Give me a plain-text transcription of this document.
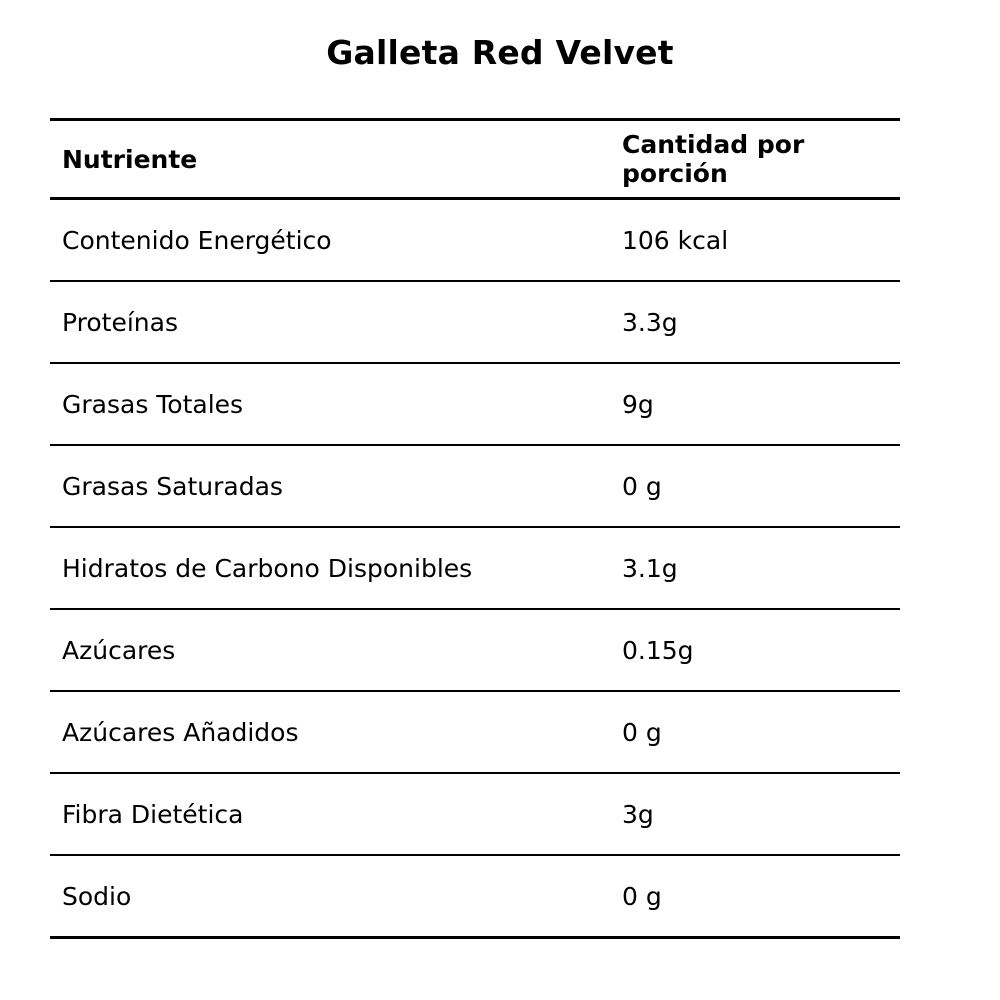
Galleta Red Velvet
Nutriente	Cantidad por porción
Contenido Energético	106 kcal
Proteínas	3.3g
Grasas Totales	9g
Grasas Saturadas	0 g
Hidratos de Carbono Disponibles	3.1g
Azúcares	0.15g
Azúcares Añadidos	0 g
Fibra Dietética	3g
Sodio	0 g
